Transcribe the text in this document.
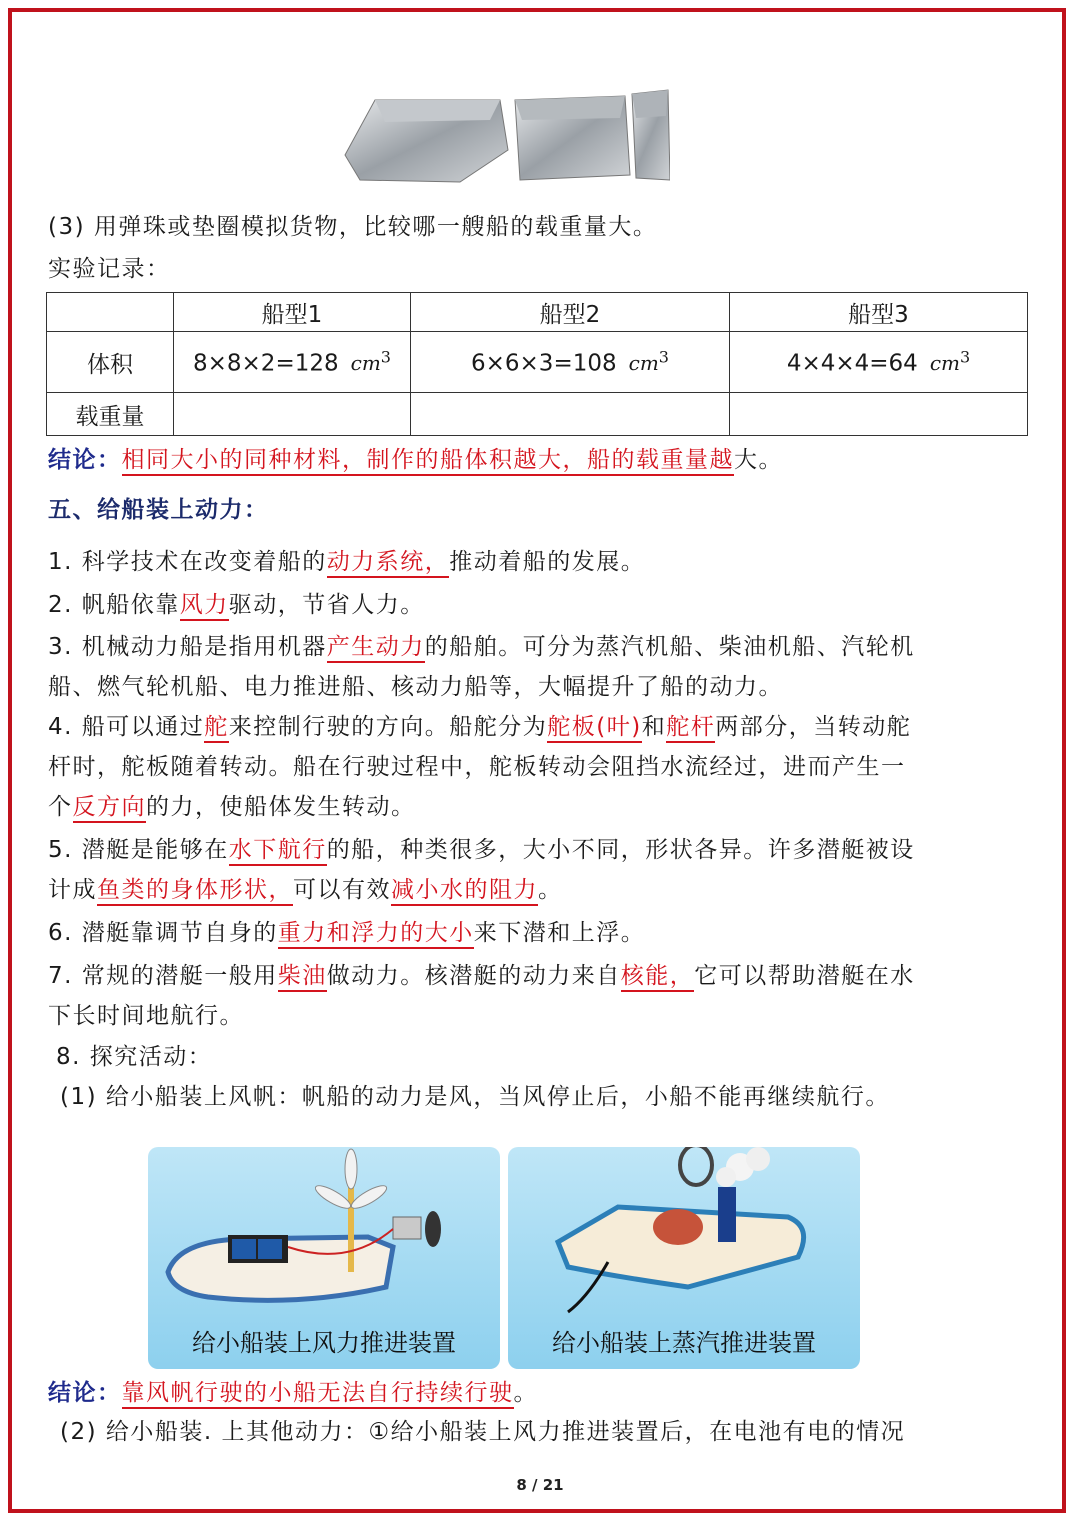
(3) 用弹珠或垫圈模拟货物，比较哪一艘船的载重量大。
实验记录：
	船型1	船型2	船型3
体积	8×8×2=128 $cm^3$	6×6×3=108 $cm^3$	4×4×4=64 $cm^3$
载重量			
结论：相同大小的同种材料，制作的船体积越大，船的载重量越大。
五、给船装上动力：
1. 科学技术在改变着船的动力系统，推动着船的发展。
2. 帆船依靠风力驱动，节省人力。
3. 机械动力船是指用机器产生动力的船舶。可分为蒸汽机船、柴油机船、汽轮机
船、燃气轮机船、电力推进船、核动力船等，大幅提升了船的动力。
4. 船可以通过舵来控制行驶的方向。船舵分为舵板(叶)和舵杆两部分，当转动舵
杆时，舵板随着转动。船在行驶过程中，舵板转动会阻挡水流经过，进而产生一
个反方向的力，使船体发生转动。
5. 潜艇是能够在水下航行的船，种类很多，大小不同，形状各异。许多潜艇被设
计成鱼类的身体形状，可以有效减小水的阻力。
6. 潜艇靠调节自身的重力和浮力的大小来下潜和上浮。
7. 常规的潜艇一般用柴油做动力。核潜艇的动力来自核能，它可以帮助潜艇在水
下长时间地航行。
8. 探究活动：
(1) 给小船装上风帆：帆船的动力是风，当风停止后，小船不能再继续航行。
给小船装上风力推进装置	给小船装上蒸汽推进装置
结论：靠风帆行驶的小船无法自行持续行驶。
(2) 给小船装. 上其他动力：①给小船装上风力推进装置后，在电池有电的情况
8 / 21
